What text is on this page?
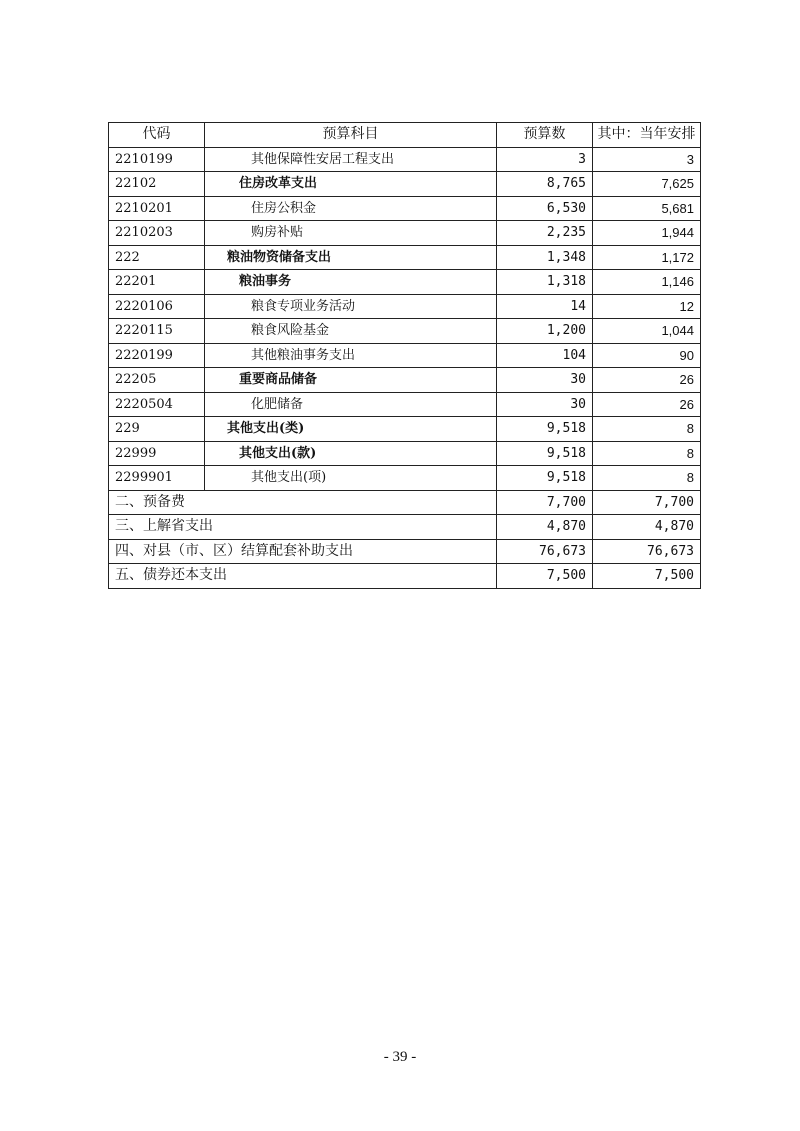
代码	预算科目	预算数	其中：当年安排
2210199	其他保障性安居工程支出	3	3
22102	住房改革支出	8,765	7,625
2210201	住房公积金	6,530	5,681
2210203	购房补贴	2,235	1,944
222	粮油物资储备支出	1,348	1,172
22201	粮油事务	1,318	1,146
2220106	粮食专项业务活动	14	12
2220115	粮食风险基金	1,200	1,044
2220199	其他粮油事务支出	104	90
22205	重要商品储备	30	26
2220504	化肥储备	30	26
229	其他支出(类)	9,518	8
22999	其他支出(款)	9,518	8
2299901	其他支出(项)	9,518	8
二、预备费		7,700	7,700
三、上解省支出		4,870	4,870
四、对县（市、区）结算配套补助支出		76,673	76,673
五、债券还本支出		7,500	7,500
- 39 -
